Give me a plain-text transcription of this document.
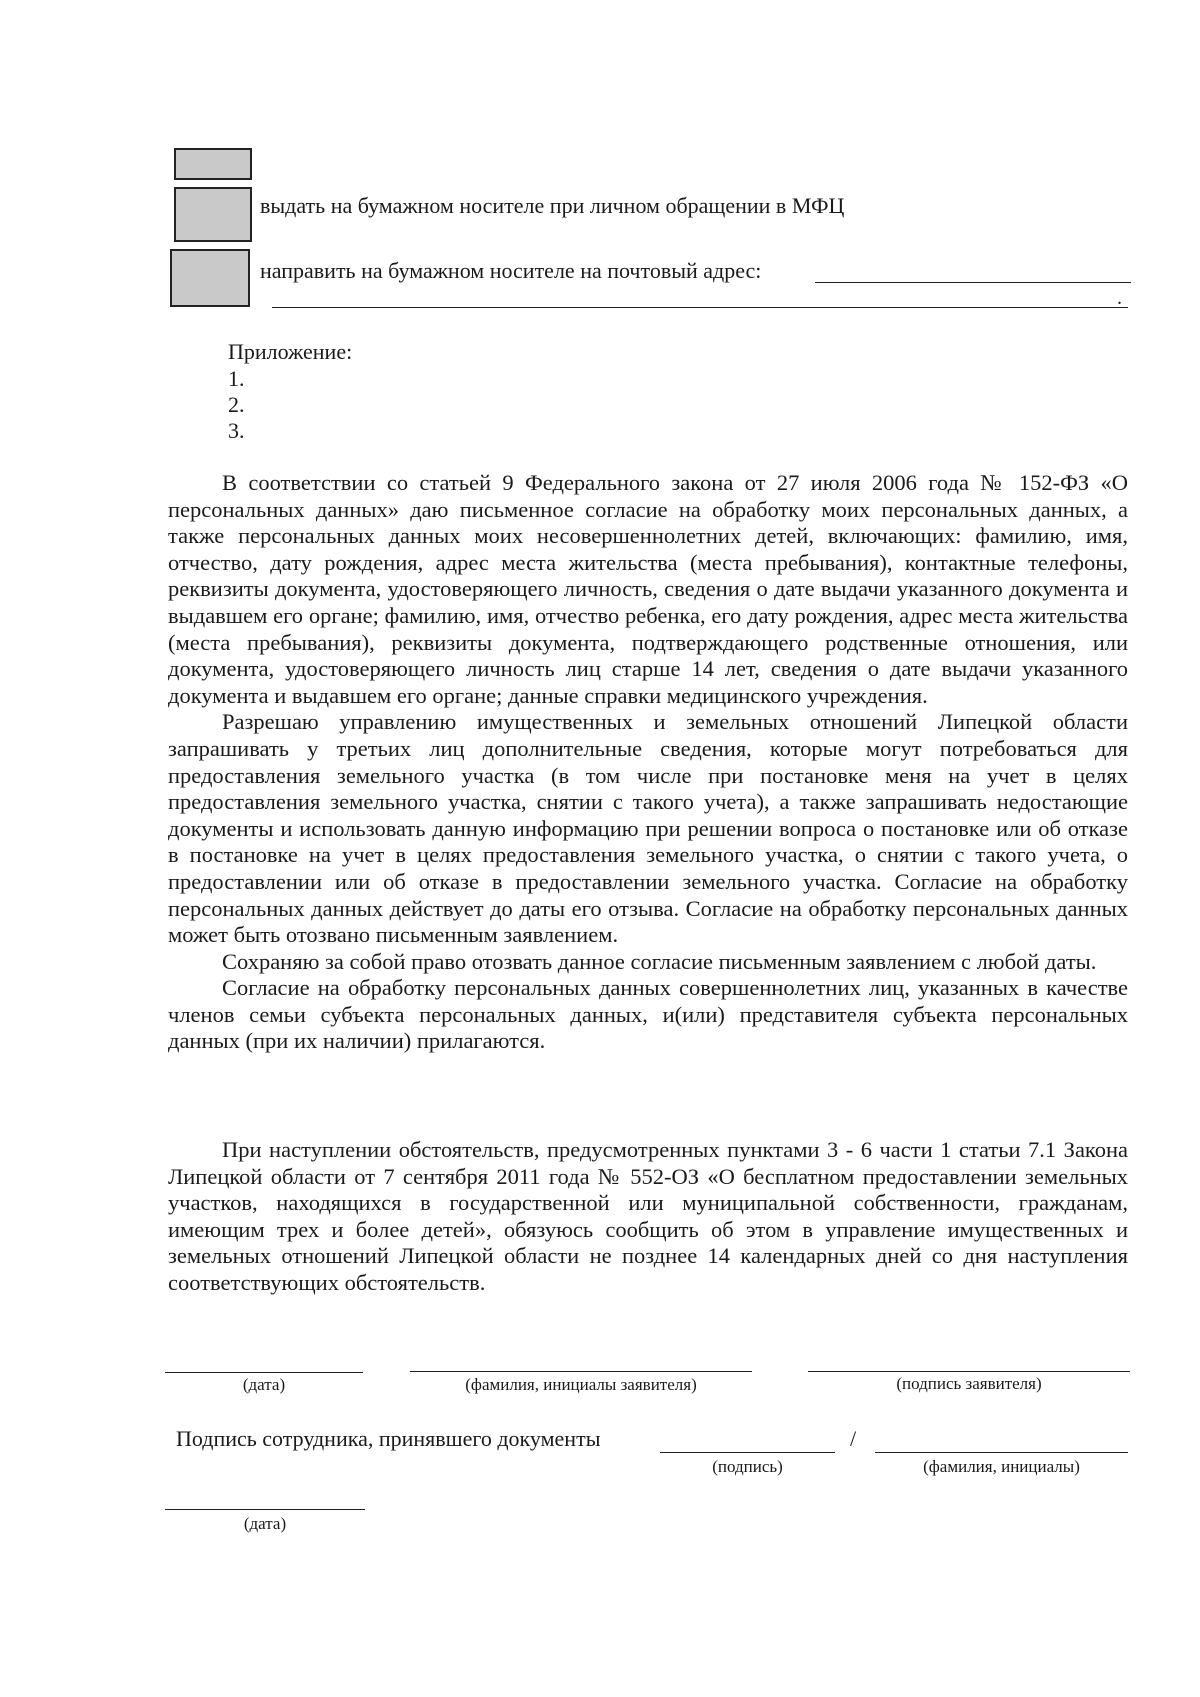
выдать на бумажном носителе при личном обращении в МФЦ
направить на бумажном носителе на почтовый адрес:
.
Приложение:
1.
2.
3.

В соответствии со статьей 9 Федерального закона от 27 июля 2006 года № 152-ФЗ «О персональных данных» даю письменное согласие на обработку моих персональных данных, а также персональных данных моих несовершеннолетних детей, включающих: фамилию, имя, отчество, дату рождения, адрес места жительства (места пребывания), контактные телефоны, реквизиты документа, удостоверяющего личность, сведения о дате выдачи указанного документа и выдавшем его органе; фамилию, имя, отчество ребенка, его дату рождения, адрес места жительства (места пребывания), реквизиты документа, подтверждающего родственные отношения, или документа, удостоверяющего личность лиц старше 14 лет, сведения о дате выдачи указанного документа и выдавшем его органе; данные справки медицинского учреждения.

Разрешаю управлению имущественных и земельных отношений Липецкой области запрашивать у третьих лиц дополнительные сведения, которые могут потребоваться для предоставления земельного участка (в том числе при постановке меня на учет в целях предоставления земельного участка, снятии с такого учета), а также запрашивать недостающие документы и использовать данную информацию при решении вопроса о постановке или об отказе в постановке на учет в целях предоставления земельного участка, о снятии с такого учета, о предоставлении или об отказе в предоставлении земельного участка. Согласие на обработку персональных данных действует до даты его отзыва. Согласие на обработку персональных данных может быть отозвано письменным заявлением.

Сохраняю за собой право отозвать данное согласие письменным заявлением с любой даты.

Согласие на обработку персональных данных совершеннолетних лиц, указанных в качестве членов семьи субъекта персональных данных, и(или) представителя субъекта персональных данных (при их наличии) прилагаются.

При наступлении обстоятельств, предусмотренных пунктами 3 - 6 части 1 статьи 7.1 Закона Липецкой области от 7 сентября 2011 года № 552-ОЗ «О бесплатном предоставлении земельных участков, находящихся в государственной или муниципальной собственности, гражданам, имеющим трех и более детей», обязуюсь сообщить об этом в управление имущественных и земельных отношений Липецкой области не позднее 14 календарных дней со дня наступления соответствующих обстоятельств.

(дата)	(фамилия, инициалы заявителя)	(подпись заявителя)
Подпись сотрудника, принявшего документы	/
(подпись)	(фамилия, инициалы)
(дата)
